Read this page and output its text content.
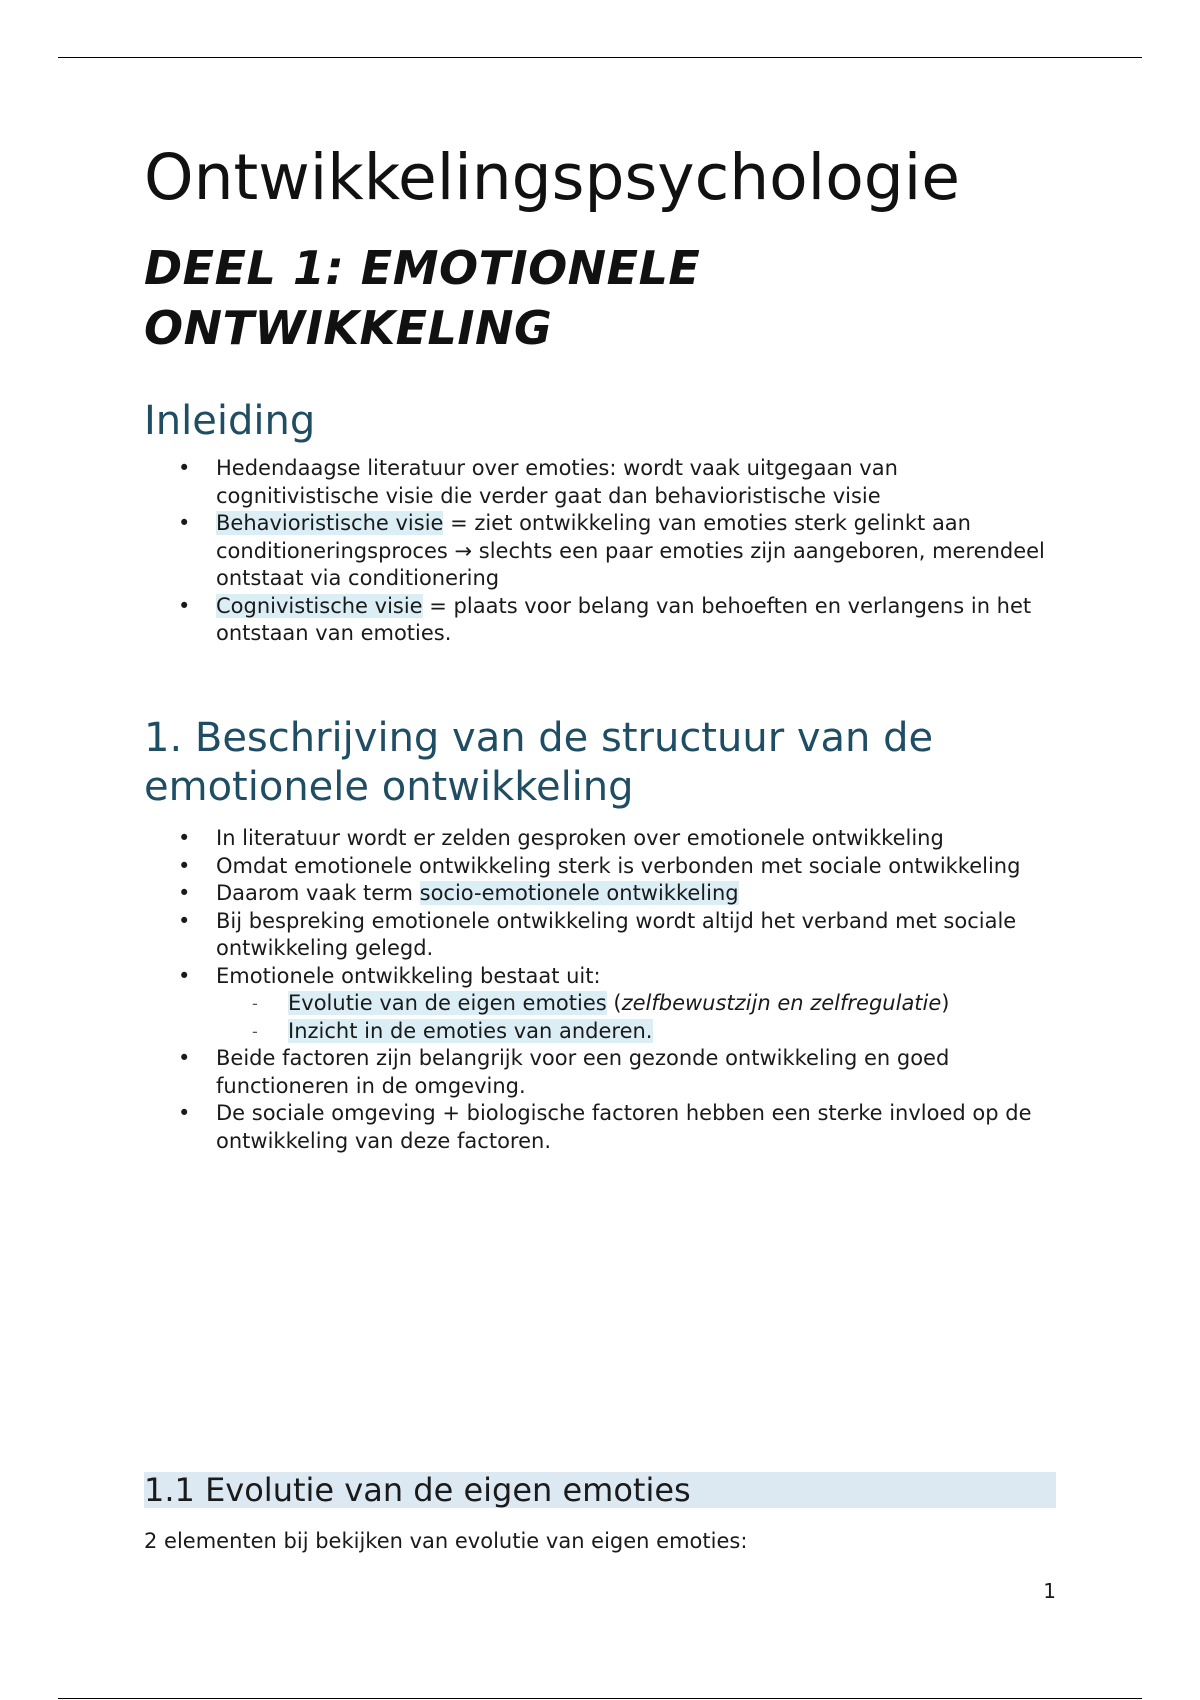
Ontwikkelingspsychologie
DEEL 1: EMOTIONELE ONTWIKKELING
Inleiding
• Hedendaagse literatuur over emoties: wordt vaak uitgegaan van cognitivistische visie die verder gaat dan behavioristische visie
• Behavioristische visie = ziet ontwikkeling van emoties sterk gelinkt aan conditioneringsproces → slechts een paar emoties zijn aangeboren, merendeel ontstaat via conditionering
• Cognivistische visie = plaats voor belang van behoeften en verlangens in het ontstaan van emoties.
1. Beschrijving van de structuur van de emotionele ontwikkeling
• In literatuur wordt er zelden gesproken over emotionele ontwikkeling
• Omdat emotionele ontwikkeling sterk is verbonden met sociale ontwikkeling
• Daarom vaak term socio-emotionele ontwikkeling
• Bij bespreking emotionele ontwikkeling wordt altijd het verband met sociale ontwikkeling gelegd.
• Emotionele ontwikkeling bestaat uit:
- Evolutie van de eigen emoties (zelfbewustzijn en zelfregulatie)
- Inzicht in de emoties van anderen.
• Beide factoren zijn belangrijk voor een gezonde ontwikkeling en goed functioneren in de omgeving.
• De sociale omgeving + biologische factoren hebben een sterke invloed op de ontwikkeling van deze factoren.
1.1 Evolutie van de eigen emoties
2 elementen bij bekijken van evolutie van eigen emoties:
1
